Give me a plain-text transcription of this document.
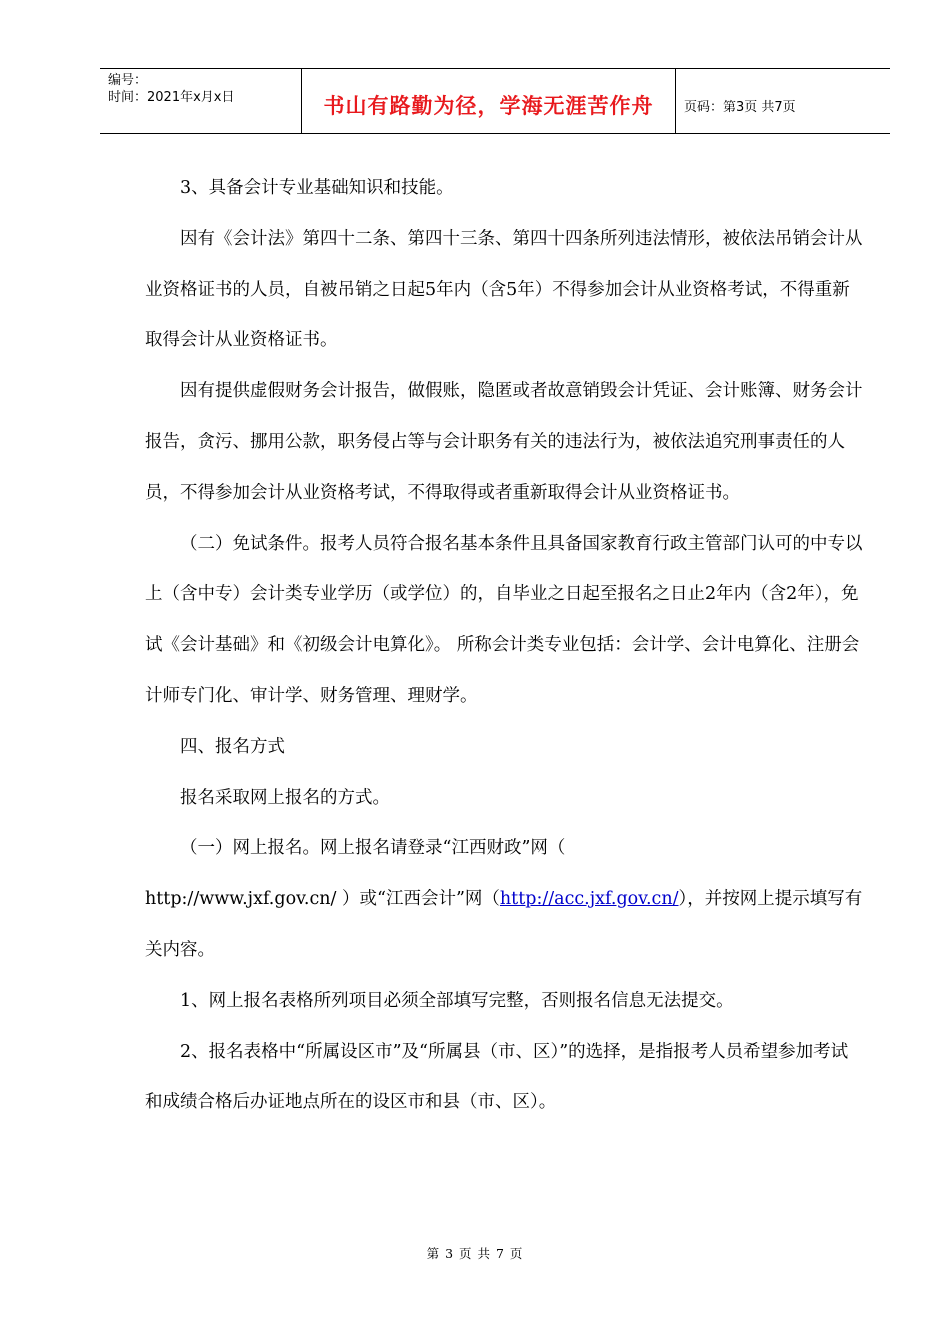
编号：
时间：2021年x月x日	书山有路勤为径，学海无涯苦作舟 页码：第3页 共7页

3、具备会计专业基础知识和技能。

因有《会计法》第四十二条、第四十三条、第四十四条所列违法情形，被依法吊销会计从业资格证书的人员，自被吊销之日起5年内（含5年）不得参加会计从业资格考试，不得重新取得会计从业资格证书。

因有提供虚假财务会计报告，做假账，隐匿或者故意销毁会计凭证、会计账簿、财务会计报告，贪污、挪用公款，职务侵占等与会计职务有关的违法行为，被依法追究刑事责任的人员，不得参加会计从业资格考试，不得取得或者重新取得会计从业资格证书。

（二）免试条件。报考人员符合报名基本条件且具备国家教育行政主管部门认可的中专以上（含中专）会计类专业学历（或学位）的，自毕业之日起至报名之日止2年内（含2年），免试《会计基础》和《初级会计电算化》。 所称会计类专业包括：会计学、会计电算化、注册会计师专门化、审计学、财务管理、理财学。

四、报名方式

报名采取网上报名的方式。

（一）网上报名。网上报名请登录“江西财政”网（

http://www.jxf.gov.cn/ ）或“江西会计”网（http://acc.jxf.gov.cn/），并按网上提示填写有关内容。

1、网上报名表格所列项目必须全部填写完整，否则报名信息无法提交。

2、报名表格中“所属设区市”及“所属县（市、区）”的选择，是指报考人员希望参加考试和成绩合格后办证地点所在的设区市和县（市、区）。

第 3 页 共 7 页
